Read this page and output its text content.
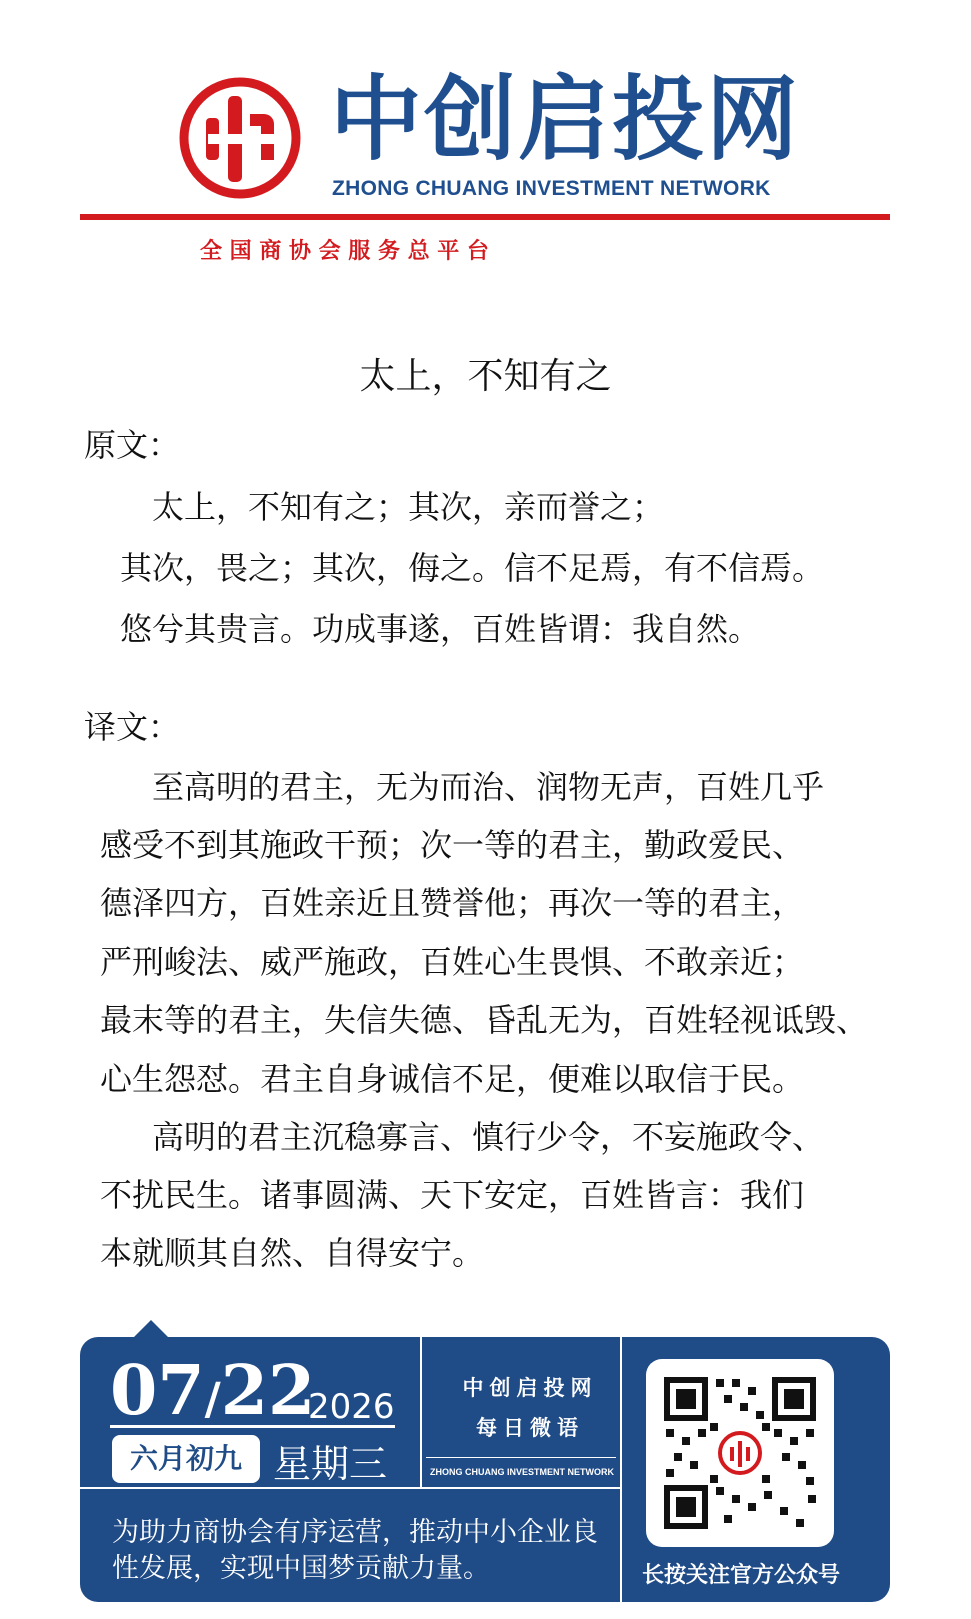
中创启投网
ZHONG CHUANG INVESTMENT NETWORK
全 国 商 协 会 服 务 总 平 台
太上，不知有之
原文：
太上，不知有之；其次，亲而誉之；
其次，畏之；其次，侮之。信不足焉，有不信焉。
悠兮其贵言。功成事遂，百姓皆谓：我自然。
译文：
至高明的君主，无为而治、润物无声，百姓几乎
感受不到其施政干预；次一等的君主，勤政爱民、
德泽四方，百姓亲近且赞誉他；再次一等的君主，
严刑峻法、威严施政，百姓心生畏惧、不敢亲近；
最末等的君主，失信失德、昏乱无为，百姓轻视诋毁、
心生怨怼。君主自身诚信不足，便难以取信于民。
高明的君主沉稳寡言、慎行少令，不妄施政令、
不扰民生。诸事圆满、天下安定，百姓皆言：我们
本就顺其自然、自得安宁。
07/22
2026
六月初九 星期三
中创启投网
每日微语
ZHONG CHUANG INVESTMENT NETWORK
为助力商协会有序运营，推动中小企业良性发展，实现中国梦贡献力量。	长按关注官方公众号
